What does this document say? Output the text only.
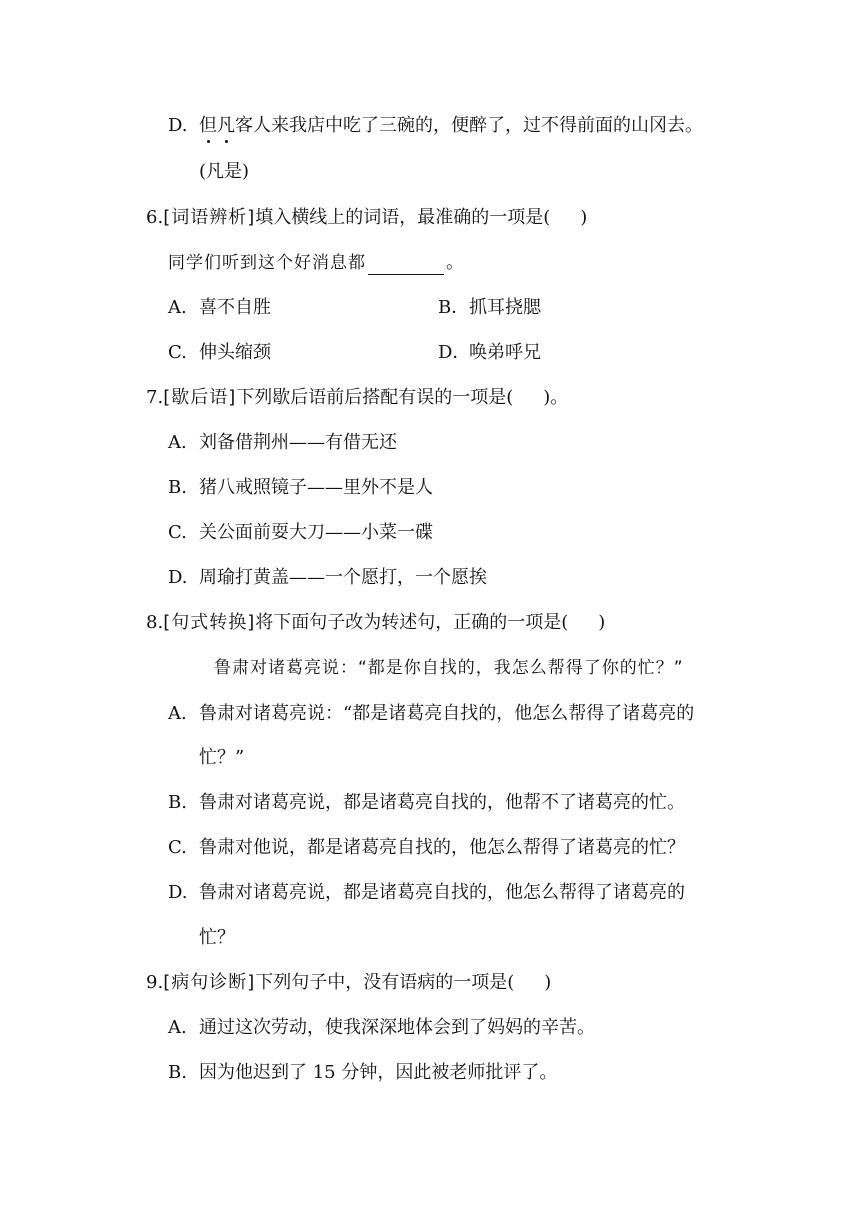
D. 但凡客人来我店中吃了三碗的，便醉了，过不得前面的山冈去。
(凡是)
6.[词语辨析]填入横线上的词语，最准确的一项是( )
同学们听到这个好消息都	。
A. 喜不自胜	B．抓耳挠腮
C. 伸头缩颈	D．唤弟呼兄
7.[歇后语]下列歇后语前后搭配有误的一项是( )。
A. 刘备借荆州——有借无还
B. 猪八戒照镜子——里外不是人
C. 关公面前耍大刀——小菜一碟
D. 周瑜打黄盖——一个愿打，一个愿挨
8.[句式转换]将下面句子改为转述句，正确的一项是( )
鲁肃对诸葛亮说：“都是你自找的，我怎么帮得了你的忙？”
A. 鲁肃对诸葛亮说：“都是诸葛亮自找的，他怎么帮得了诸葛亮的
忙？”
B. 鲁肃对诸葛亮说，都是诸葛亮自找的，他帮不了诸葛亮的忙。
C. 鲁肃对他说，都是诸葛亮自找的，他怎么帮得了诸葛亮的忙？
D. 鲁肃对诸葛亮说，都是诸葛亮自找的，他怎么帮得了诸葛亮的
忙？
9.[病句诊断]下列句子中，没有语病的一项是( )
A. 通过这次劳动，使我深深地体会到了妈妈的辛苦。
B. 因为他迟到了 15 分钟，因此被老师批评了。
